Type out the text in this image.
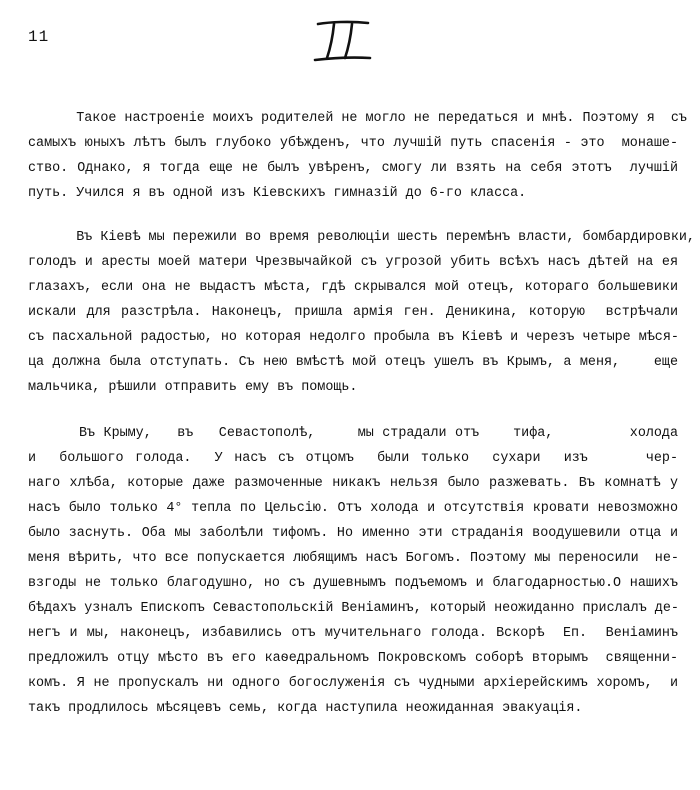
11
Такое настроеніе моихъ родителей не могло не передаться и мнѣ. Поэтому я  съ
самыхъ юныхъ лѣтъ былъ глубоко убѣжденъ, что лучшій путь спасенія - это  монаше-
ство. Однако, я тогда еще не былъ увѣренъ, смогу ли взять на себя этотъ  лучшій
путь. Учился я въ одной изъ Кіевскихъ гимназій до 6-го класса.
Въ Кіевѣ мы пережили во время революціи шесть перемѣнъ власти, бомбардировки,
голодъ и аресты моей матери Чрезвычайкой съ угрозой убить всѣхъ насъ дѣтей на ея
глазахъ, если она не выдастъ мѣста, гдѣ скрывался мой отецъ, котораго большевики
искали для разстрѣла. Наконецъ, пришла армія ген. Деникина, которую  встрѣчали
съ пасхальной радостью, но которая недолго пробыла въ Кіевѣ и черезъ четыре мѣся-
ца должна была отступать. Съ нею вмѣстѣ мой отецъ ушелъ въ Крымъ, а меня,    еще
мальчика, рѣшили отправить ему въ помощь.
Въ Крыму,   въ   Севастополѣ,     мы страдали отъ    тифа,         холода
и  большого голода.  У насъ съ отцомъ  были только  сухари  изъ     чер-
наго хлѣба, которые даже размоченные никакъ нельзя было разжевать. Въ комнатѣ у
насъ было только 4° тепла по Цельсію. Отъ холода и отсутствія кровати невозможно
было заснуть. Оба мы заболѣли тифомъ. Но именно эти страданія воодушевили отца и
меня вѣрить, что все попускается любящимъ насъ Богомъ. Поэтому мы переносили  не-
взгоды не только благодушно, но съ душевнымъ подъемомъ и благодарностью.О нашихъ
бѣдахъ узналъ Епископъ Севастопольскій Веніаминъ, который неожиданно прислалъ де-
негъ и мы, наконецъ, избавились отъ мучительнаго голода. Вскорѣ  Еп.  Веніаминъ
предложилъ отцу мѣсто въ его каѳедральномъ Покровскомъ соборѣ вторымъ  священни-
комъ. Я не пропускалъ ни одного богослуженія съ чудными архіерейскимъ хоромъ,  и
такъ продлилось мѣсяцевъ семь, когда наступила неожиданная эвакуація.
